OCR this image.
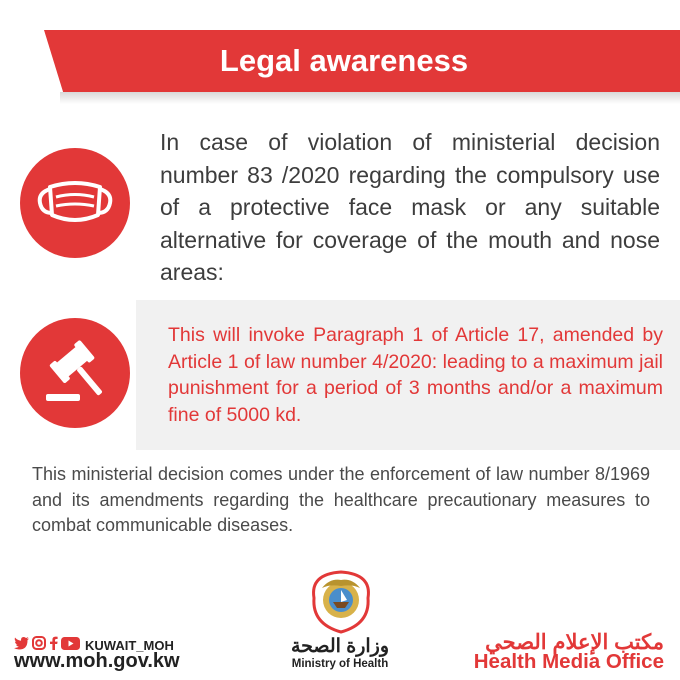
Legal awareness
In case of violation of ministerial decision number 83 /2020 regarding the compulsory use of a protective face mask or any suitable alternative for coverage of the mouth and nose areas:
This will invoke Paragraph 1 of Article 17, amended by Article 1 of law number 4/2020: leading to a maximum jail punishment for a period of 3 months and/or a maximum fine of 5000 kd.
This ministerial decision comes under the enforcement of law number 8/1969 and its amendments regarding the healthcare precautionary measures to combat communicable diseases.
وزارة الصحة
Ministry of Health
KUWAIT_MOH
www.moh.gov.kw
مكتب الإعلام الصحي
Health Media Office
